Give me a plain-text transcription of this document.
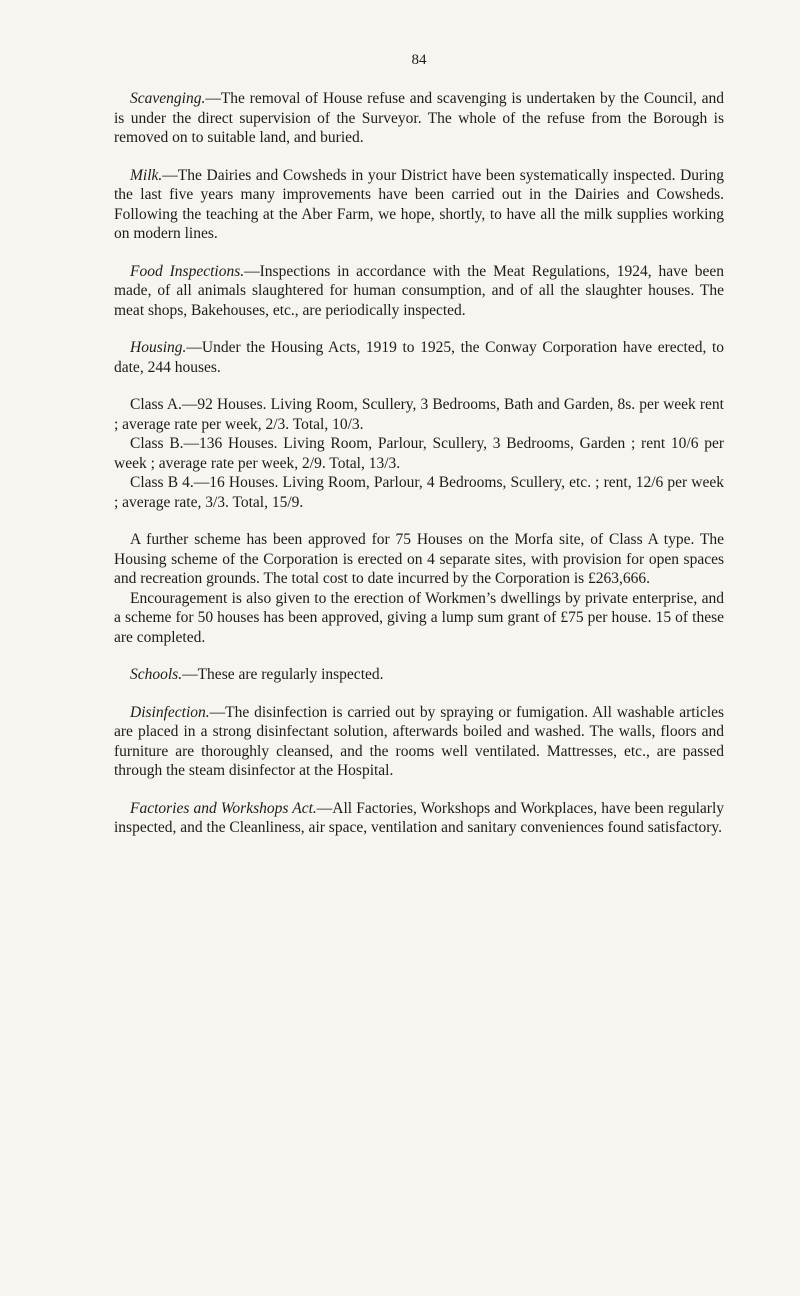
84

Scavenging.—The removal of House refuse and scavenging is undertaken by the Council, and is under the direct supervision of the Surveyor. The whole of the refuse from the Borough is removed on to suitable land, and buried.

Milk.—The Dairies and Cowsheds in your District have been systematically inspected. During the last five years many improvements have been carried out in the Dairies and Cowsheds. Following the teaching at the Aber Farm, we hope, shortly, to have all the milk supplies working on modern lines.

Food Inspections.—Inspections in accordance with the Meat Regulations, 1924, have been made, of all animals slaughtered for human consumption, and of all the slaughter houses. The meat shops, Bakehouses, etc., are periodically inspected.

Housing.—Under the Housing Acts, 1919 to 1925, the Conway Corporation have erected, to date, 244 houses.

Class A.—92 Houses. Living Room, Scullery, 3 Bedrooms, Bath and Garden, 8s. per week rent ; average rate per week, 2/3. Total, 10/3.

Class B.—136 Houses. Living Room, Parlour, Scullery, 3 Bedrooms, Garden ; rent 10/6 per week ; average rate per week, 2/9. Total, 13/3.

Class B 4.—16 Houses. Living Room, Parlour, 4 Bedrooms, Scullery, etc. ; rent, 12/6 per week ; average rate, 3/3. Total, 15/9.

A further scheme has been approved for 75 Houses on the Morfa site, of Class A type. The Housing scheme of the Corporation is erected on 4 separate sites, with provision for open spaces and recreation grounds. The total cost to date incurred by the Corporation is £263,666.

Encouragement is also given to the erection of Workmen’s dwellings by private enterprise, and a scheme for 50 houses has been approved, giving a lump sum grant of £75 per house. 15 of these are completed.

Schools.—These are regularly inspected.

Disinfection.—The disinfection is carried out by spraying or fumigation. All washable articles are placed in a strong disinfectant solution, afterwards boiled and washed. The walls, floors and furniture are thoroughly cleansed, and the rooms well ventilated. Mattresses, etc., are passed through the steam disinfector at the Hospital.

Factories and Workshops Act.—All Factories, Workshops and Workplaces, have been regularly inspected, and the Cleanliness, air space, ventilation and sanitary conveniences found satisfactory.
